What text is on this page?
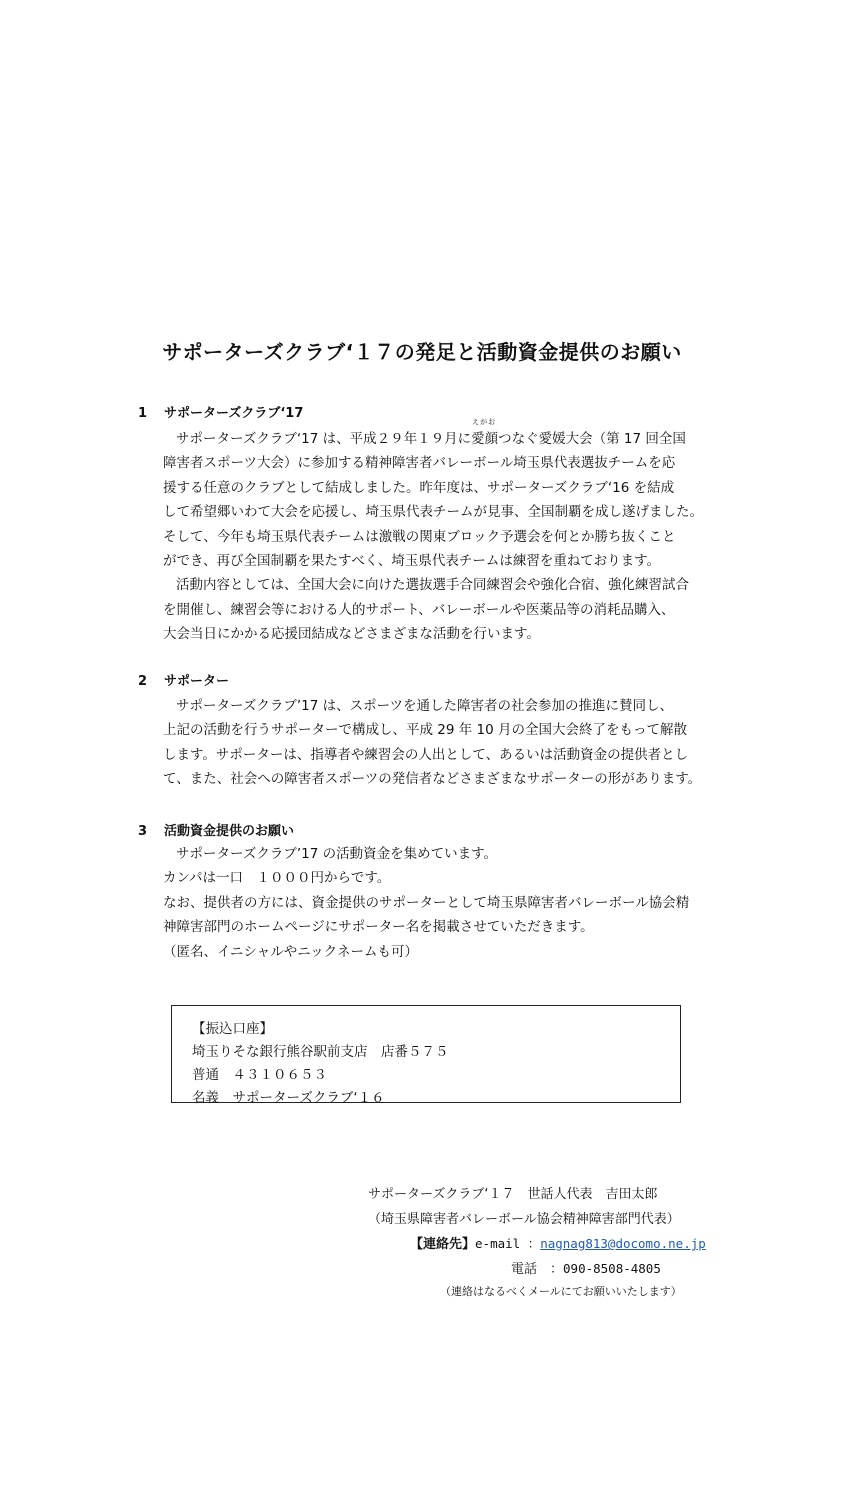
サポーターズクラブ‘１７の発足と活動資金提供のお願い
1 サポーターズクラブ‘17
サポーターズクラブ‘17 は、平成２９年１９月に
えがお
愛顔つなぐ愛媛大会（第 17 回全国
障害者スポーツ大会）に参加する精神障害者バレーボール埼玉県代表選抜チームを応
援する任意のクラブとして結成しました。昨年度は、サポーターズクラブ‘16 を結成
して希望郷いわて大会を応援し、埼玉県代表チームが見事、全国制覇を成し遂げました。
そして、今年も埼玉県代表チームは激戦の関東ブロック予選会を何とか勝ち抜くこと
ができ、再び全国制覇を果たすべく、埼玉県代表チームは練習を重ねております。
活動内容としては、全国大会に向けた選抜選手合同練習会や強化合宿、強化練習試合
を開催し、練習会等における人的サポート、バレーボールや医薬品等の消耗品購入、
大会当日にかかる応援団結成などさまざまな活動を行います。
2 サポーター
サポーターズクラブ’17 は、スポーツを通した障害者の社会参加の推進に賛同し、
上記の活動を行うサポーターで構成し、平成 29 年 10 月の全国大会終了をもって解散
します。サポーターは、指導者や練習会の人出として、あるいは活動資金の提供者とし
て、また、社会への障害者スポーツの発信者などさまざまなサポーターの形があります。
3 活動資金提供のお願い
サポーターズクラブ’17 の活動資金を集めています。
カンパは一口　１０００円からです。
なお、提供者の方には、資金提供のサポーターとして埼玉県障害者バレーボール協会精
神障害部門のホームページにサポーター名を掲載させていただきます。
（匿名、イニシャルやニックネームも可）
【振込口座】
埼玉りそな銀行熊谷駅前支店　店番５７５
普通　４３１０６５３
名義　サポーターズクラブ‘１６
サポーターズクラブ‘１７　世話人代表　吉田太郎
（埼玉県障害者バレーボール協会精神障害部門代表）
【連絡先】e-mail ：nagnag813@docomo.ne.jp
電話　：090-8508-4805
（連絡はなるべくメールにてお願いいたします）
